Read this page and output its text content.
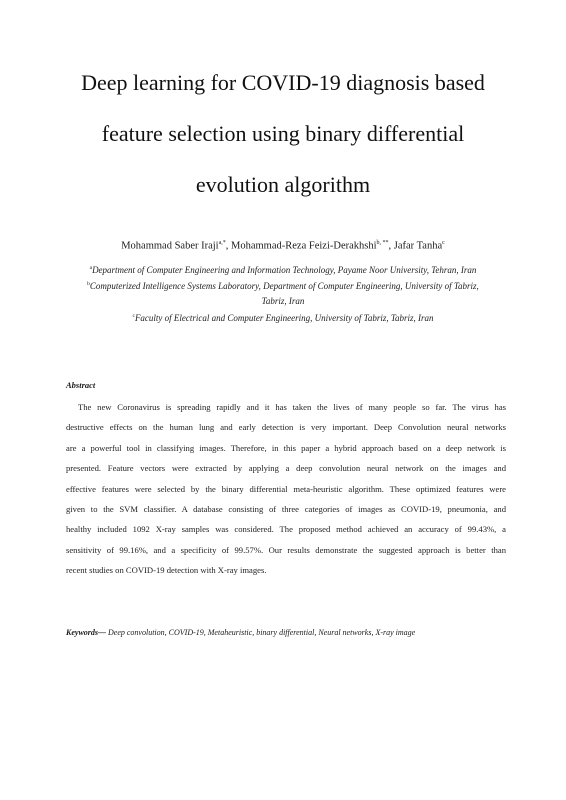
Deep learning for COVID-19 diagnosis based
feature selection using binary differential
evolution algorithm
Mohammad Saber Iraji$^{a,*}$, Mohammad-Reza Feizi-Derakhshi$^{b, **}$, Jafar Tanha$^c$
$^a$Department of Computer Engineering and Information Technology, Payame Noor University, Tehran, Iran
$^b$Computerized Intelligence Systems Laboratory, Department of Computer Engineering, University of Tabriz,
Tabriz, Iran
$^c$Faculty of Electrical and Computer Engineering, University of Tabriz, Tabriz, Iran
Abstract
The new Coronavirus is spreading rapidly and it has taken the lives of many people so far. The virus has
destructive effects on the human lung and early detection is very important. Deep Convolution neural networks
are a powerful tool in classifying images. Therefore, in this paper a hybrid approach based on a deep network is
presented. Feature vectors were extracted by applying a deep convolution neural network on the images and
effective features were selected by the binary differential meta-heuristic algorithm. These optimized features were
given to the SVM classifier. A database consisting of three categories of images as COVID-19, pneumonia, and
healthy included 1092 X-ray samples was considered. The proposed method achieved an accuracy of 99.43%, a
sensitivity of 99.16%, and a specificity of 99.57%. Our results demonstrate the suggested approach is better than
recent studies on COVID-19 detection with X-ray images.
Keywords— Deep convolution, COVID-19, Metaheuristic, binary differential, Neural networks, X-ray image
